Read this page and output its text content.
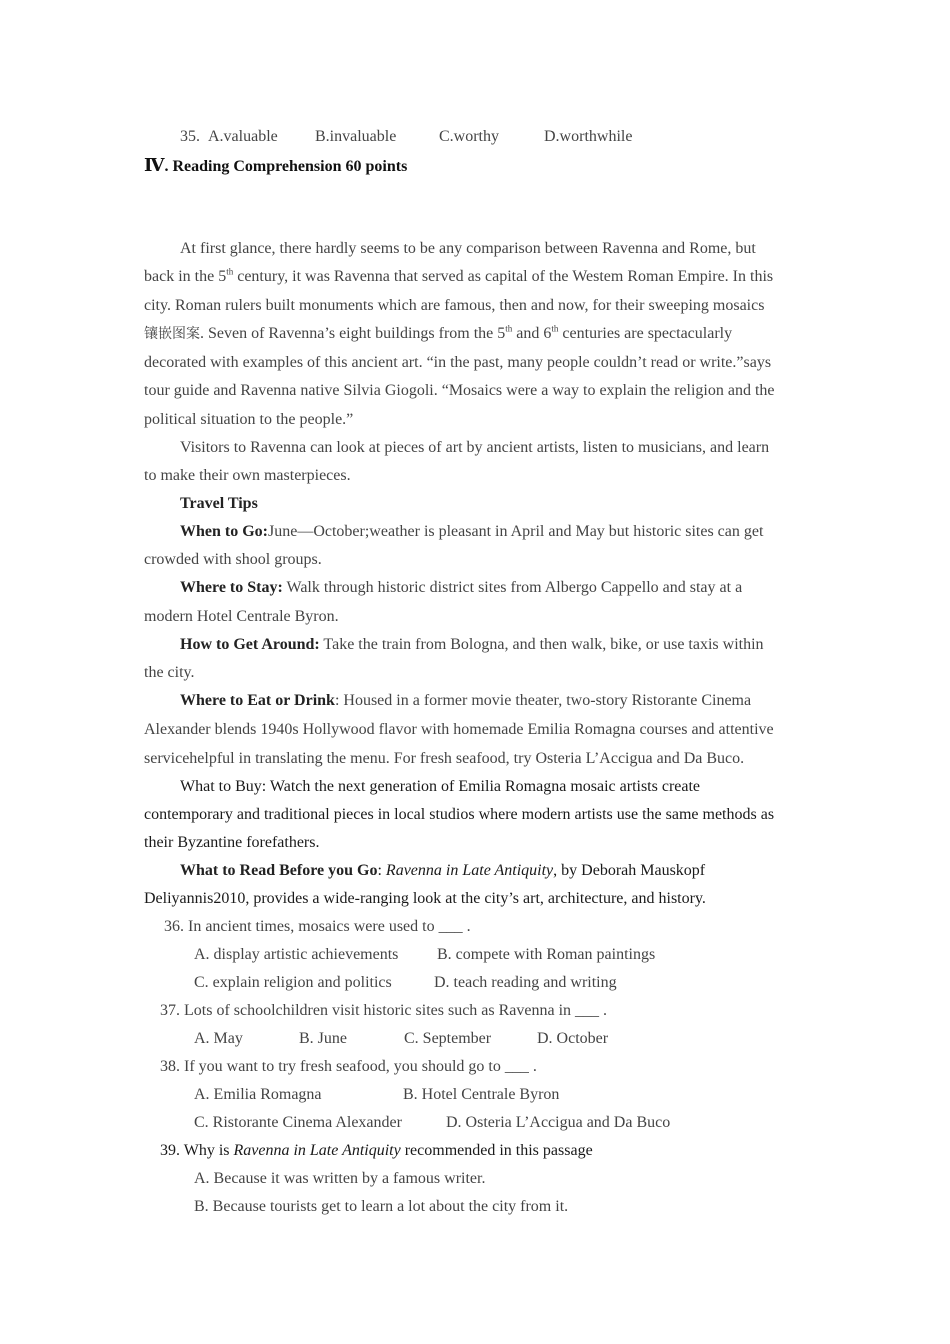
35. A.valuable B.invaluable	C.worthy	D.worthwhile
Ⅳ. Reading Comprehension 60 points
At first glance, there hardly seems to be any comparison between Ravenna and Rome, but
back in the 5th century, it was Ravenna that served as capital of the Westem Roman Empire. In this
city. Roman rulers built monuments which are famous, then and now, for their sweeping mosaics
镶嵌图案. Seven of Ravenna’s eight buildings from the 5th and 6th centuries are spectacularly
decorated with examples of this ancient art. “in the past, many people couldn’t read or write.”says
tour guide and Ravenna native Silvia Giogoli. “Mosaics were a way to explain the religion and the
political situation to the people.”
Visitors to Ravenna can look at pieces of art by ancient artists, listen to musicians, and learn
to make their own masterpieces.
Travel Tips
When to Go:June—October;weather is pleasant in April and May but historic sites can get
crowded with shool groups.
Where to Stay: Walk through historic district sites from Albergo Cappello and stay at a
modern Hotel Centrale Byron.
How to Get Around: Take the train from Bologna, and then walk, bike, or use taxis within
the city.
Where to Eat or Drink: Housed in a former movie theater, two-story Ristorante Cinema
Alexander blends 1940s Hollywood flavor with homemade Emilia Romagna courses and attentive
servicehelpful in translating the menu. For fresh seafood, try Osteria L’Accigua and Da Buco.
What to Buy: Watch the next generation of Emilia Romagna mosaic artists create
contemporary and traditional pieces in local studios where modern artists use the same methods as
their Byzantine forefathers.
What to Read Before you Go: Ravenna in Late Antiquity, by Deborah Mauskopf
Deliyannis2010, provides a wide-ranging look at the city’s art, architecture, and history.
36. In ancient times, mosaics were used to ___ .
A. display artistic achievements B. compete with Roman paintings
C. explain religion and politics	D. teach reading and writing
37. Lots of schoolchildren visit historic sites such as Ravenna in ___ .
A. May	B. June	C. September	D. October
38. If you want to try fresh seafood, you should go to ___ .
A. Emilia Romagna	B. Hotel Centrale Byron
C. Ristorante Cinema Alexander	D. Osteria L’Accigua and Da Buco
39. Why is Ravenna in Late Antiquity recommended in this passage
A. Because it was written by a famous writer.
B. Because tourists get to learn a lot about the city from it.
